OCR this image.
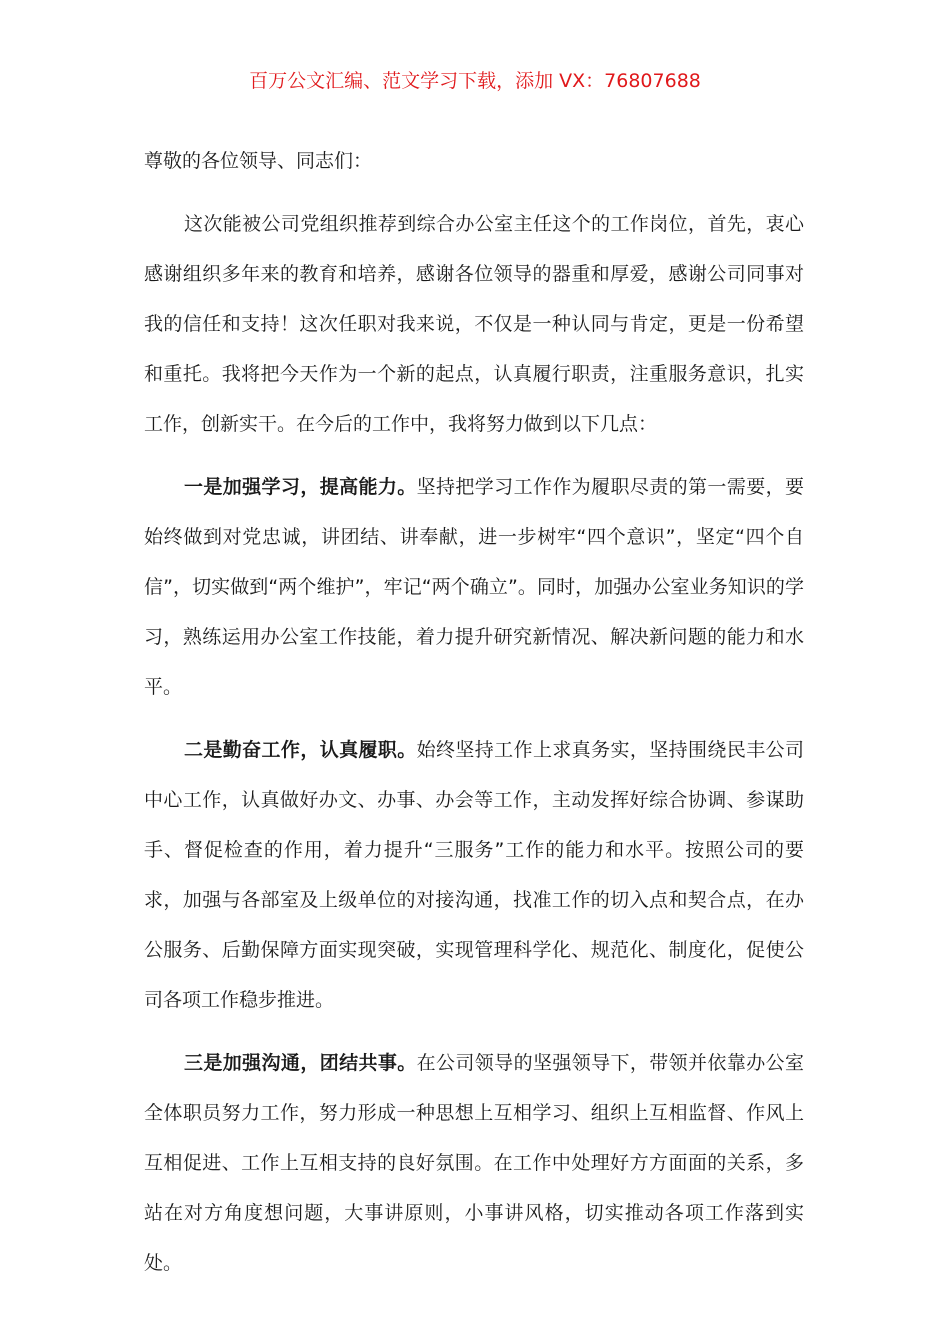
百万公文汇编、范文学习下载，添加 VX：76807688

尊敬的各位领导、同志们：

这次能被公司党组织推荐到综合办公室主任这个的工作岗位，首先，衷心感谢组织多年来的教育和培养，感谢各位领导的器重和厚爱，感谢公司同事对我的信任和支持！这次任职对我来说，不仅是一种认同与肯定，更是一份希望和重托。我将把今天作为一个新的起点，认真履行职责，注重服务意识，扎实工作，创新实干。在今后的工作中，我将努力做到以下几点：

一是加强学习，提高能力。坚持把学习工作作为履职尽责的第一需要，要始终做到对党忠诚，讲团结、讲奉献，进一步树牢“四个意识”，坚定“四个自信”，切实做到“两个维护”，牢记“两个确立”。同时，加强办公室业务知识的学习，熟练运用办公室工作技能，着力提升研究新情况、解决新问题的能力和水平。

二是勤奋工作，认真履职。始终坚持工作上求真务实，坚持围绕民丰公司中心工作，认真做好办文、办事、办会等工作，主动发挥好综合协调、参谋助手、督促检查的作用，着力提升“三服务”工作的能力和水平。按照公司的要求，加强与各部室及上级单位的对接沟通，找准工作的切入点和契合点，在办公服务、后勤保障方面实现突破，实现管理科学化、规范化、制度化，促使公司各项工作稳步推进。

三是加强沟通，团结共事。在公司领导的坚强领导下，带领并依靠办公室全体职员努力工作，努力形成一种思想上互相学习、组织上互相监督、作风上互相促进、工作上互相支持的良好氛围。在工作中处理好方方面面的关系，多站在对方角度想问题，大事讲原则，小事讲风格，切实推动各项工作落到实处。
